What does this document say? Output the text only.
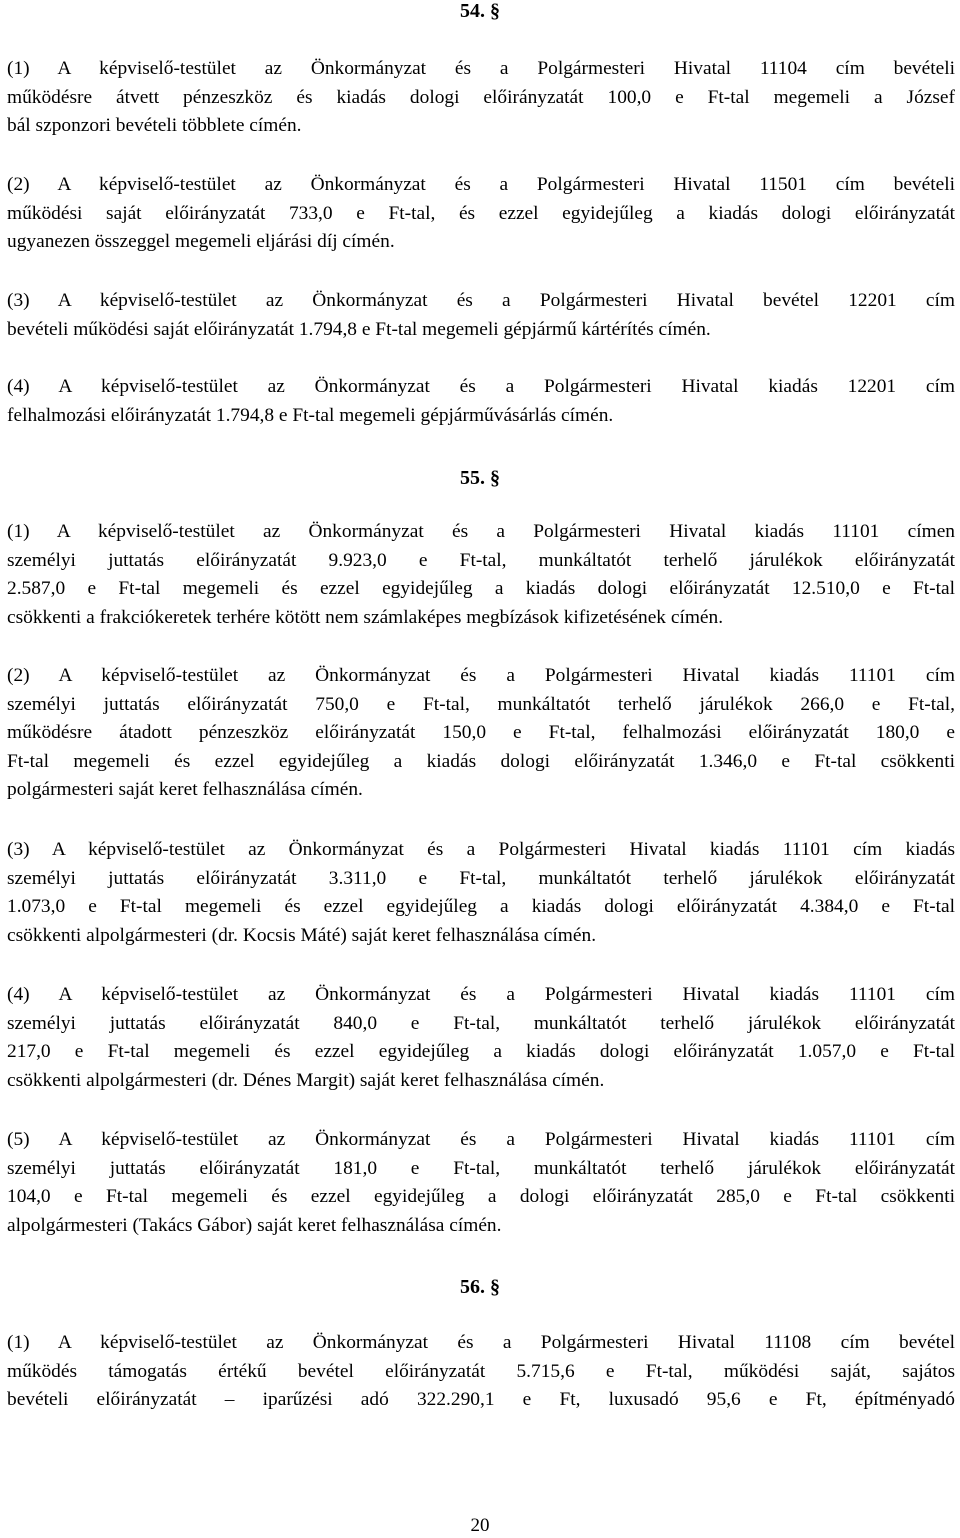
54. §

(1) A képviselő-testület az Önkormányzat és a Polgármesteri Hivatal 11104 cím bevételi
működésre átvett pénzeszköz és kiadás dologi előirányzatát 100,0 e Ft-tal megemeli a József
bál szponzori bevételi többlete címén.

(2) A képviselő-testület az Önkormányzat és a Polgármesteri Hivatal 11501 cím bevételi
működési saját előirányzatát 733,0 e Ft-tal, és ezzel egyidejűleg a kiadás dologi előirányzatát
ugyanezen összeggel megemeli eljárási díj címén.

(3) A képviselő-testület az Önkormányzat és a Polgármesteri Hivatal bevétel 12201 cím
bevételi működési saját előirányzatát 1.794,8 e Ft-tal megemeli gépjármű kártérítés címén.

(4) A képviselő-testület az Önkormányzat és a Polgármesteri Hivatal kiadás 12201 cím
felhalmozási előirányzatát 1.794,8 e Ft-tal megemeli gépjárművásárlás címén.

55. §

(1) A képviselő-testület az Önkormányzat és a Polgármesteri Hivatal kiadás 11101 címen
személyi juttatás előirányzatát 9.923,0 e Ft-tal, munkáltatót terhelő járulékok előirányzatát
2.587,0 e Ft-tal megemeli és ezzel egyidejűleg a kiadás dologi előirányzatát 12.510,0 e Ft-tal
csökkenti a frakciókeretek terhére kötött nem számlaképes megbízások kifizetésének címén.

(2) A képviselő-testület az Önkormányzat és a Polgármesteri Hivatal kiadás 11101 cím
személyi juttatás előirányzatát 750,0 e Ft-tal, munkáltatót terhelő járulékok 266,0 e Ft-tal,
működésre átadott pénzeszköz előirányzatát 150,0 e Ft-tal, felhalmozási előirányzatát 180,0 e
Ft-tal megemeli és ezzel egyidejűleg a kiadás dologi előirányzatát 1.346,0 e Ft-tal csökkenti
polgármesteri saját keret felhasználása címén.

(3) A képviselő-testület az Önkormányzat és a Polgármesteri Hivatal kiadás 11101 cím kiadás
személyi juttatás előirányzatát 3.311,0 e Ft-tal, munkáltatót terhelő járulékok előirányzatát
1.073,0 e Ft-tal megemeli és ezzel egyidejűleg a kiadás dologi előirányzatát 4.384,0 e Ft-tal
csökkenti alpolgármesteri (dr. Kocsis Máté) saját keret felhasználása címén.

(4) A képviselő-testület az Önkormányzat és a Polgármesteri Hivatal kiadás 11101 cím
személyi juttatás előirányzatát 840,0 e Ft-tal, munkáltatót terhelő járulékok előirányzatát
217,0 e Ft-tal megemeli és ezzel egyidejűleg a kiadás dologi előirányzatát 1.057,0 e Ft-tal
csökkenti alpolgármesteri (dr. Dénes Margit) saját keret felhasználása címén.

(5) A képviselő-testület az Önkormányzat és a Polgármesteri Hivatal kiadás 11101 cím
személyi juttatás előirányzatát 181,0 e Ft-tal, munkáltatót terhelő járulékok előirányzatát
104,0 e Ft-tal megemeli és ezzel egyidejűleg a dologi előirányzatát 285,0 e Ft-tal csökkenti
alpolgármesteri (Takács Gábor) saját keret felhasználása címén.

56. §

(1) A képviselő-testület az Önkormányzat és a Polgármesteri Hivatal 11108 cím bevétel
működés támogatás értékű bevétel előirányzatát 5.715,6 e Ft-tal, működési saját, sajátos
bevételi előirányzatát – iparűzési adó 322.290,1 e Ft, luxusadó 95,6 e Ft, építményadó

20
